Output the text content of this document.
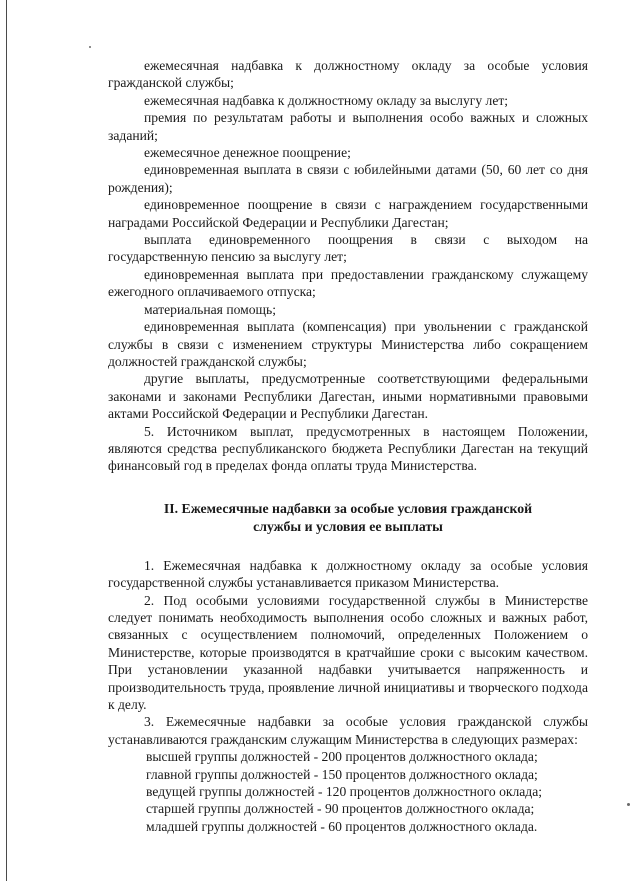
ежемесячная надбавка к должностному окладу за особые условия гражданской службы;

ежемесячная надбавка к должностному окладу за выслугу лет;

премия по результатам работы и выполнения особо важных и сложных заданий;

ежемесячное денежное поощрение;

единовременная выплата в связи с юбилейными датами (50, 60 лет со дня рождения);

единовременное поощрение в связи с награждением государственными наградами Российской Федерации и Республики Дагестан;

выплата единовременного поощрения в связи с выходом на государственную пенсию за выслугу лет;

единовременная выплата при предоставлении гражданскому служащему ежегодного оплачиваемого отпуска;

материальная помощь;

единовременная выплата (компенсация) при увольнении с гражданской службы в связи с изменением структуры Министерства либо сокращением должностей гражданской службы;

другие выплаты, предусмотренные соответствующими федеральными законами и законами Республики Дагестан, иными нормативными правовыми актами Российской Федерации и Республики Дагестан.

5. Источником выплат, предусмотренных в настоящем Положении, являются средства республиканского бюджета Республики Дагестан на текущий финансовый год в пределах фонда оплаты труда Министерства.

II. Ежемесячные надбавки за особые условия гражданской
службы и условия ее выплаты

1. Ежемесячная надбавка к должностному окладу за особые условия государственной службы устанавливается приказом Министерства.

2. Под особыми условиями государственной службы в Министерстве следует понимать необходимость выполнения особо сложных и важных работ, связанных с осуществлением полномочий, определенных Положением о Министерстве, которые производятся в кратчайшие сроки с высоким качеством. При установлении указанной надбавки учитывается напряженность и производительность труда, проявление личной инициативы и творческого подхода к делу.

3. Ежемесячные надбавки за особые условия гражданской службы устанавливаются гражданским служащим Министерства в следующих размерах:

высшей группы должностей - 200 процентов должностного оклада;

главной группы должностей - 150 процентов должностного оклада;

ведущей группы должностей - 120 процентов должностного оклада;

старшей группы должностей - 90 процентов должностного оклада;

младшей группы должностей - 60 процентов должностного оклада.
